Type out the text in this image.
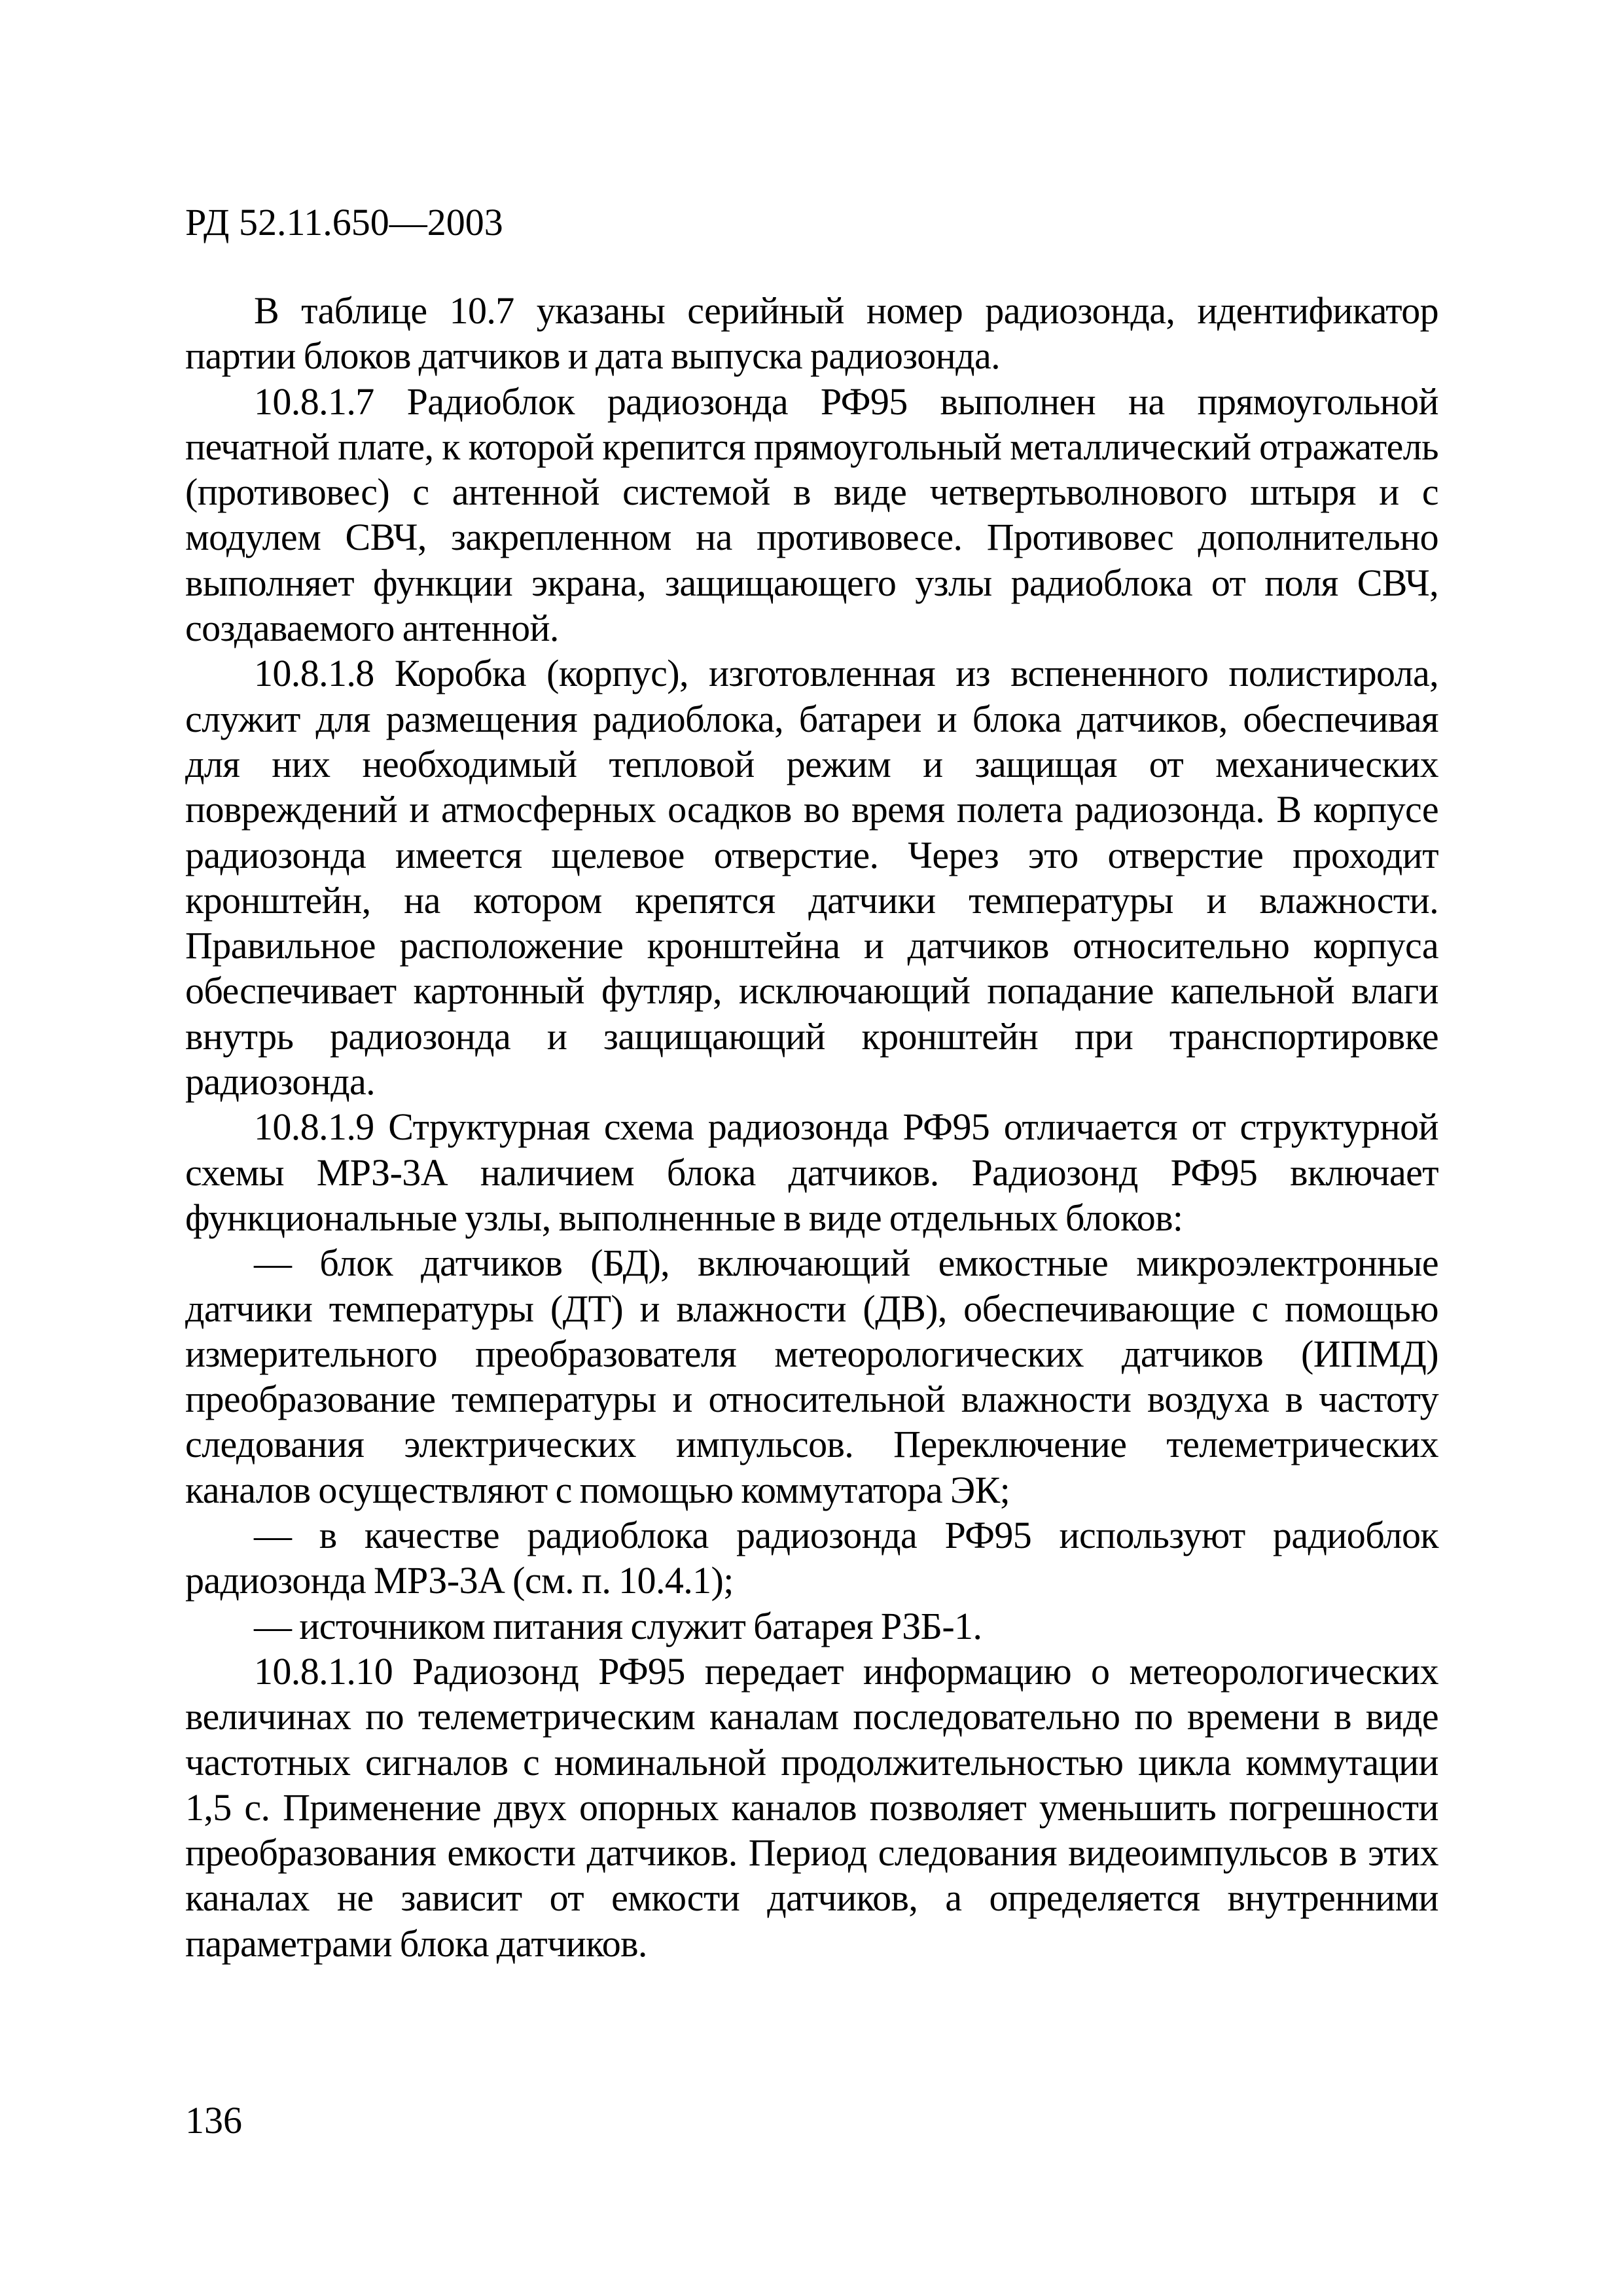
РД 52.11.650—2003

В таблице 10.7 указаны серийный номер радиозонда, идентификатор партии блоков датчиков и дата выпуска радиозонда.

10.8.1.7 Радиоблок радиозонда РФ95 выполнен на прямоугольной печатной плате, к которой крепится прямоугольный металлический отражатель (противовес) с антенной системой в виде четвертьволнового штыря и с модулем СВЧ, закрепленном на противовесе. Противовес дополнительно выполняет функции экрана, защищающего узлы радиоблока от поля СВЧ, создаваемого антенной.

10.8.1.8 Коробка (корпус), изготовленная из вспененного полистирола, служит для размещения радиоблока, батареи и блока датчиков, обеспечивая для них необходимый тепловой режим и защищая от механических повреждений и атмосферных осадков во время полета радиозонда. В корпусе радиозонда имеется щелевое отверстие. Через это отверстие проходит кронштейн, на котором крепятся датчики температуры и влажности. Правильное расположение кронштейна и датчиков относительно корпуса обеспечивает картонный футляр, исключающий попадание капельной влаги внутрь радиозонда и защищающий кронштейн при транспортировке радиозонда.

10.8.1.9 Структурная схема радиозонда РФ95 отличается от структурной схемы МРЗ-3А наличием блока датчиков. Радиозонд РФ95 включает функциональные узлы, выполненные в виде отдельных блоков:

— блок датчиков (БД), включающий емкостные микроэлектронные датчики температуры (ДТ) и влажности (ДВ), обеспечивающие с помощью измерительного преобразователя метеорологических датчиков (ИПМД) преобразование температуры и относительной влажности воздуха в частоту следования электрических импульсов. Переключение телеметрических каналов осуществляют с помощью коммутатора ЭК;

— в качестве радиоблока радиозонда РФ95 используют радиоблок радиозонда МРЗ-3А (см. п. 10.4.1);

— источником питания служит батарея РЗБ-1.

10.8.1.10 Радиозонд РФ95 передает информацию о метеорологических величинах по телеметрическим каналам последовательно по времени в виде частотных сигналов с номинальной продолжительностью цикла коммутации 1,5 с. Применение двух опорных каналов позволяет уменьшить погрешности преобразования емкости датчиков. Период следования видеоимпульсов в этих каналах не зависит от емкости датчиков, а определяется внутренними параметрами блока датчиков.

136
